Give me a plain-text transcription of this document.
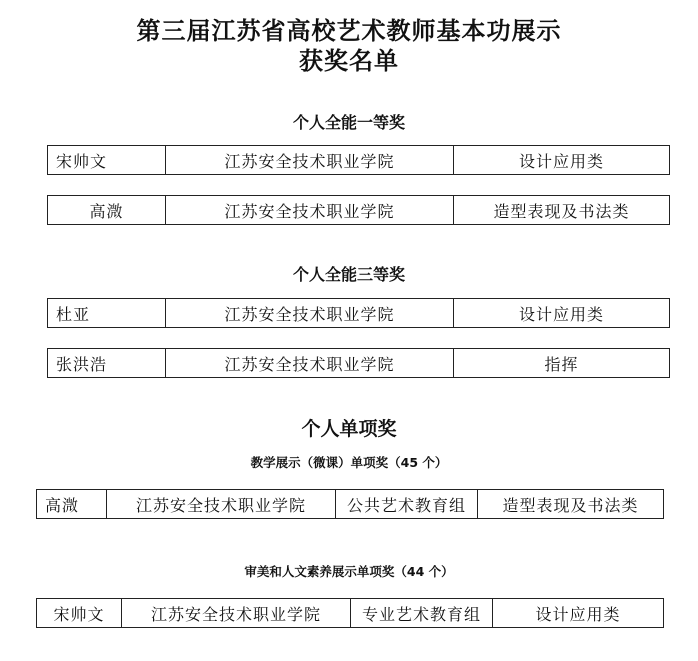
第三届江苏省高校艺术教师基本功展示
获奖名单
个人全能一等奖
宋帅文	江苏安全技术职业学院	设计应用类
高溦	江苏安全技术职业学院	造型表现及书法类
个人全能三等奖
杜亚	江苏安全技术职业学院	设计应用类
张洪浩	江苏安全技术职业学院	指挥
个人单项奖
教学展示（微课）单项奖（45 个）
高溦	江苏安全技术职业学院	公共艺术教育组	造型表现及书法类
审美和人文素养展示单项奖（44 个）
宋帅文	江苏安全技术职业学院	专业艺术教育组	设计应用类
